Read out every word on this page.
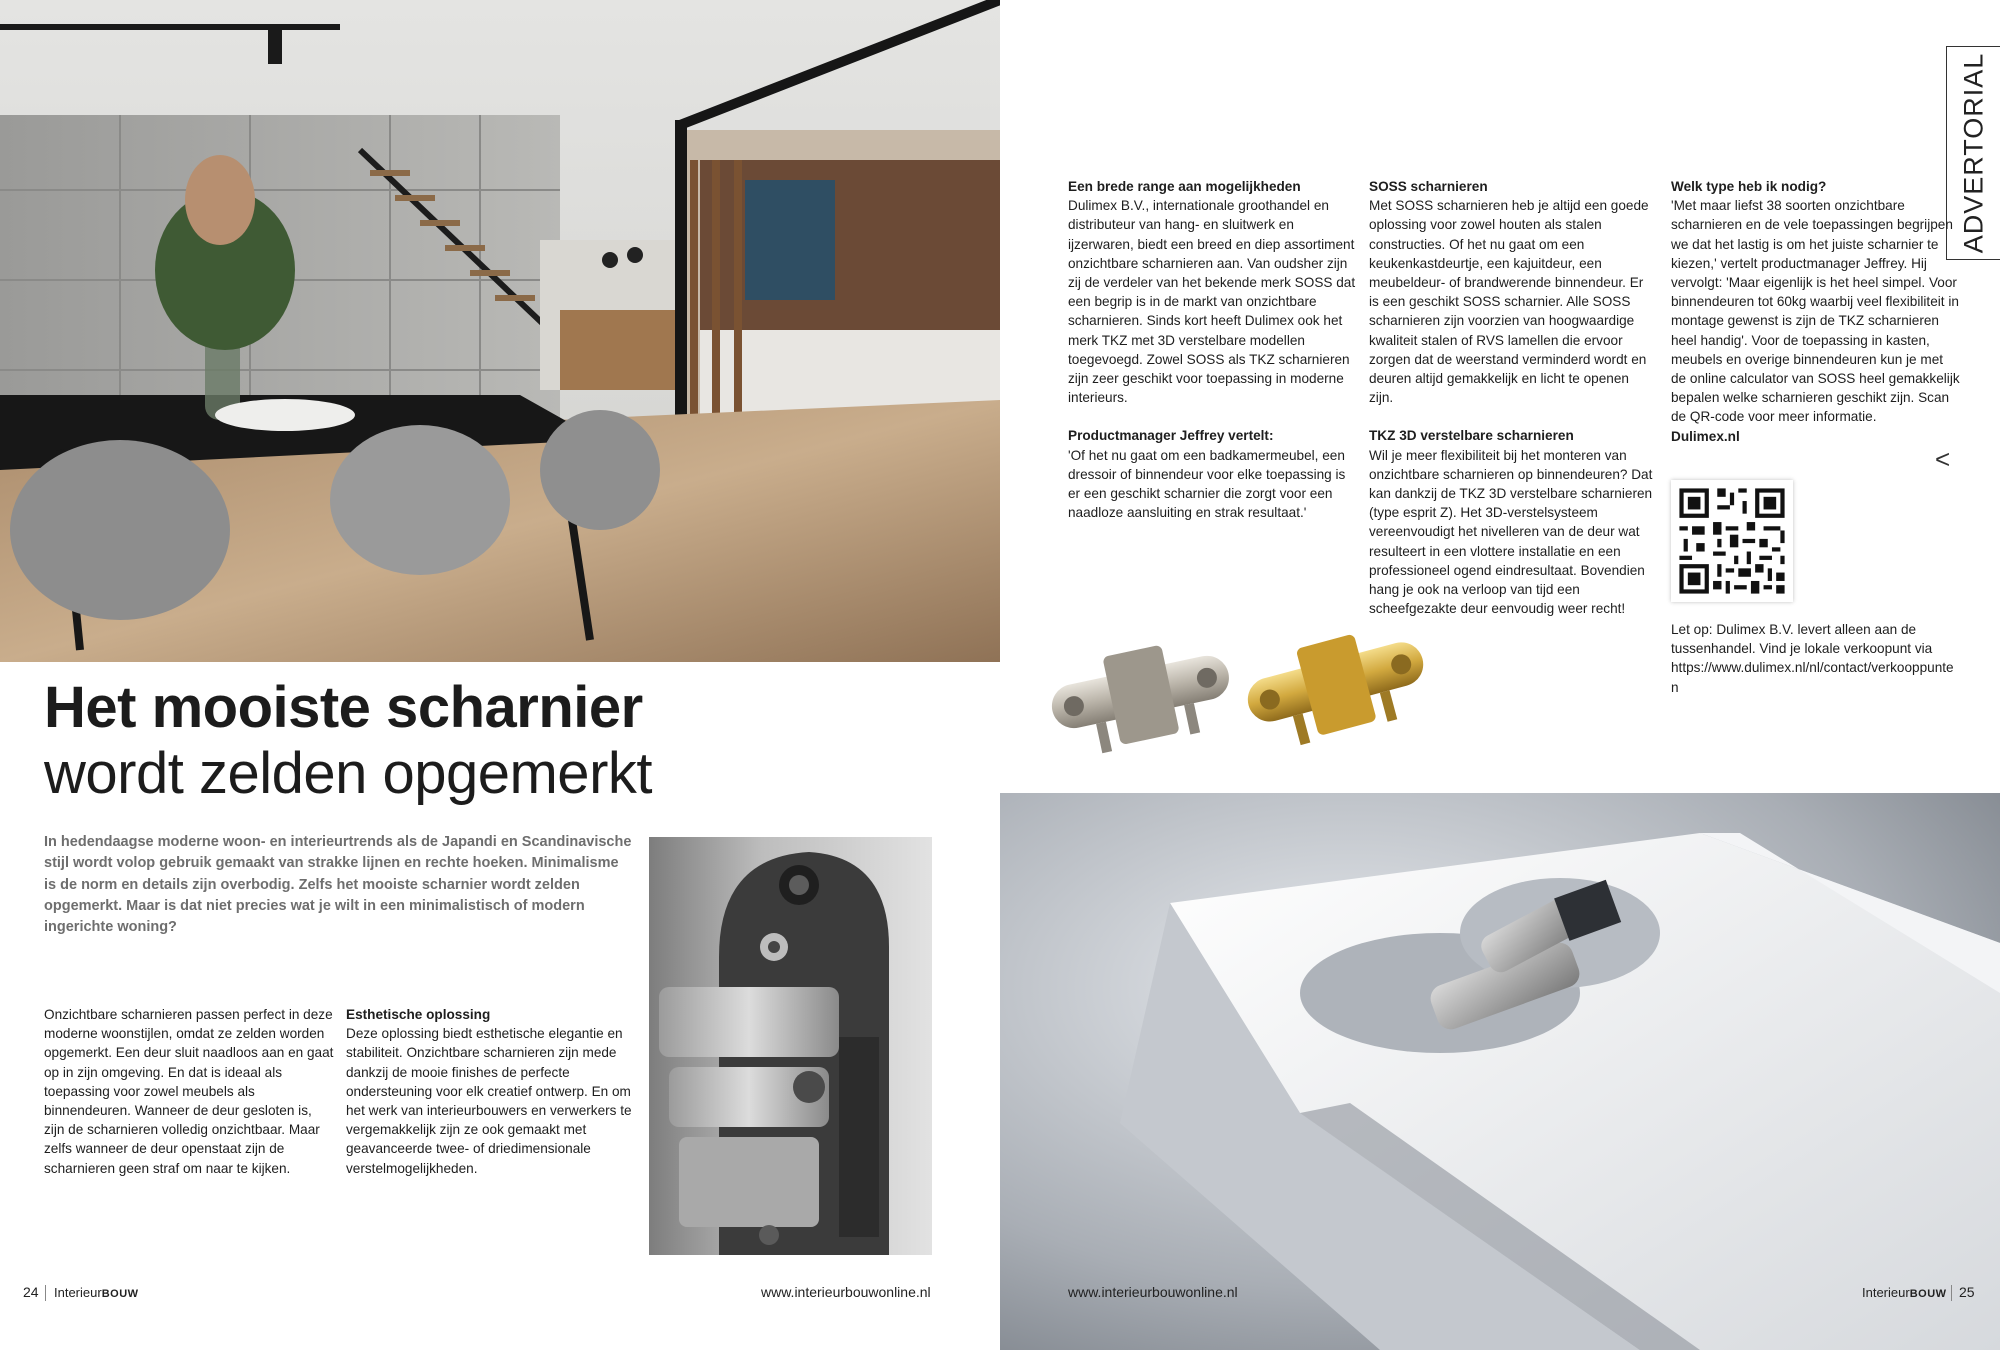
Het mooiste scharnier
wordt zelden opgemerkt
In hedendaagse moderne woon- en interieurtrends als de Japandi en Scandinavische stijl wordt volop gebruik gemaakt van strakke lijnen en rechte hoeken. Minimalisme is de norm en details zijn overbodig. Zelfs het mooiste scharnier wordt zelden opgemerkt. Maar is dat niet precies wat je wilt in een minimalistisch of modern ingerichte woning?
Onzichtbare scharnieren passen perfect in deze moderne woonstijlen, omdat ze zelden worden opgemerkt. Een deur sluit naadloos aan en gaat op in zijn omgeving. En dat is ideaal als toepassing voor zowel meubels als binnendeuren. Wanneer de deur gesloten is, zijn de scharnieren volledig onzichtbaar. Maar zelfs wanneer de deur openstaat zijn de scharnieren geen straf om naar te kijken.
Esthetische oplossing
Deze oplossing biedt esthetische elegantie en stabiliteit. Onzichtbare scharnieren zijn mede dankzij de mooie finishes de perfecte ondersteuning voor elk creatief ontwerp. En om het werk van interieurbouwers en verwerkers te vergemakkelijk zijn ze ook gemaakt met geavanceerde twee- of driedimensionale verstelmogelijkheden.
24 InterieurBOUW	www.interieurbouwonline.nl
ADVERTORIAL
Een brede range aan mogelijkheden
Dulimex B.V., internationale groothandel en distributeur van hang- en sluitwerk en ijzerwaren, biedt een breed en diep assortiment onzichtbare scharnieren aan. Van oudsher zijn zij de verdeler van het bekende merk SOSS dat een begrip is in de markt van onzichtbare scharnieren. Sinds kort heeft Dulimex ook het merk TKZ met 3D verstelbare modellen toegevoegd. Zowel SOSS als TKZ scharnieren zijn zeer geschikt voor toepassing in moderne interieurs.
Productmanager Jeffrey vertelt:
'Of het nu gaat om een badkamermeubel, een dressoir of binnendeur voor elke toepassing is er een geschikt scharnier die zorgt voor een naadloze aansluiting en strak resultaat.'
SOSS scharnieren
Met SOSS scharnieren heb je altijd een goede oplossing voor zowel houten als stalen constructies. Of het nu gaat om een keukenkastdeurtje, een kajuitdeur, een meubeldeur- of brandwerende binnendeur. Er is een geschikt SOSS scharnier. Alle SOSS scharnieren zijn voorzien van hoogwaardige kwaliteit stalen of RVS lamellen die ervoor zorgen dat de weerstand verminderd wordt en deuren altijd gemakkelijk en licht te openen zijn.
TKZ 3D verstelbare scharnieren
Wil je meer flexibiliteit bij het monteren van onzichtbare scharnieren op binnendeuren? Dat kan dankzij de TKZ 3D verstelbare scharnieren (type esprit Z). Het 3D-verstelsysteem vereenvoudigt het nivelleren van de deur wat resulteert in een vlottere installatie en een professioneel ogend eindresultaat. Bovendien hang je ook na verloop van tijd een scheefgezakte deur eenvoudig weer recht!
Welk type heb ik nodig?
'Met maar liefst 38 soorten onzichtbare scharnieren en de vele toepassingen begrijpen we dat het lastig is om het juiste scharnier te kiezen,' vertelt productmanager Jeffrey. Hij vervolgt: 'Maar eigenlijk is het heel simpel. Voor binnendeuren tot 60kg waarbij veel flexibiliteit in montage gewenst is zijn de TKZ scharnieren heel handig'. Voor de toepassing in kasten, meubels en overige binnendeuren kun je met de online calculator van SOSS heel gemakkelijk bepalen welke scharnieren geschikt zijn. Scan de QR-code voor meer informatie.
Dulimex.nl
<
Let op: Dulimex B.V. levert alleen aan de tussenhandel. Vind je lokale verkoopunt via https://www.dulimex.nl/nl/contact/verkooppunten
www.interieurbouwonline.nl	InterieurBOUW 25
